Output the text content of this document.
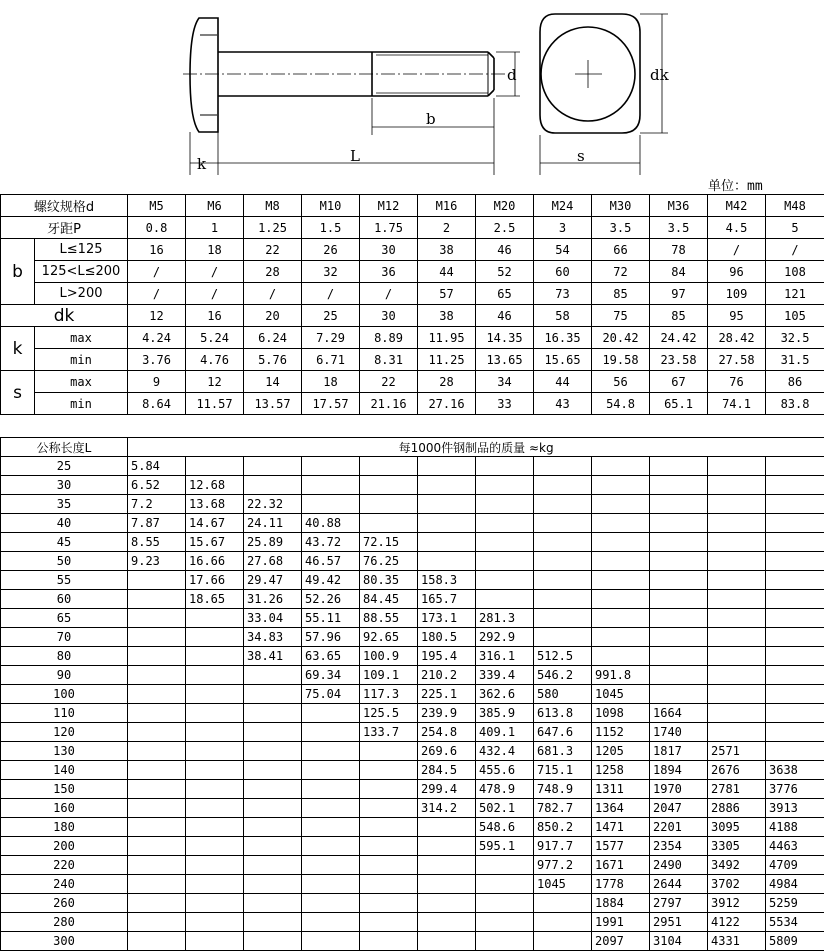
k	L
b
d	dk
s
单位：mm
螺纹规格d		M5	M6	M8	M10	M12	M16	M20	M24	M30	M36	M42	M48
牙距P		0.8	1	1.25	1.5	1.75	2	2.5	3	3.5	3.5	4.5	5
b	L≤125	16	18	22	26	30	38	46	54	66	78	/	/
	125<L≤200	/	/	28	32	36	44	52	60	72	84	96	108
	L>200	/	/	/	/	/	57	65	73	85	97	109	121
dk		12	16	20	25	30	38	46	58	75	85	95	105
k	max	4.24	5.24	6.24	7.29	8.89	11.95	14.35	16.35	20.42	24.42	28.42	32.5
	min	3.76	4.76	5.76	6.71	8.31	11.25	13.65	15.65	19.58	23.58	27.58	31.5
s	max	9	12	14	18	22	28	34	44	56	67	76	86
	min	8.64	11.57	13.57	17.57	21.16	27.16	33	43	54.8	65.1	74.1	83.8
公称长度L	每1000件钢制品的质量 ≈kg											
25	5.84											
30	6.52	12.68										
35	7.2	13.68	22.32									
40	7.87	14.67	24.11	40.88								
45	8.55	15.67	25.89	43.72	72.15							
50	9.23	16.66	27.68	46.57	76.25							
55		17.66	29.47	49.42	80.35	158.3						
60		18.65	31.26	52.26	84.45	165.7						
65			33.04	55.11	88.55	173.1	281.3					
70			34.83	57.96	92.65	180.5	292.9					
80			38.41	63.65	100.9	195.4	316.1	512.5				
90				69.34	109.1	210.2	339.4	546.2	991.8			
100				75.04	117.3	225.1	362.6	580	1045			
110					125.5	239.9	385.9	613.8	1098	1664		
120					133.7	254.8	409.1	647.6	1152	1740		
130						269.6	432.4	681.3	1205	1817	2571	
140						284.5	455.6	715.1	1258	1894	2676	3638
150						299.4	478.9	748.9	1311	1970	2781	3776
160						314.2	502.1	782.7	1364	2047	2886	3913
180							548.6	850.2	1471	2201	3095	4188
200							595.1	917.7	1577	2354	3305	4463
220								977.2	1671	2490	3492	4709
240								1045	1778	2644	3702	4984
260									1884	2797	3912	5259
280									1991	2951	4122	5534
300									2097	3104	4331	5809
